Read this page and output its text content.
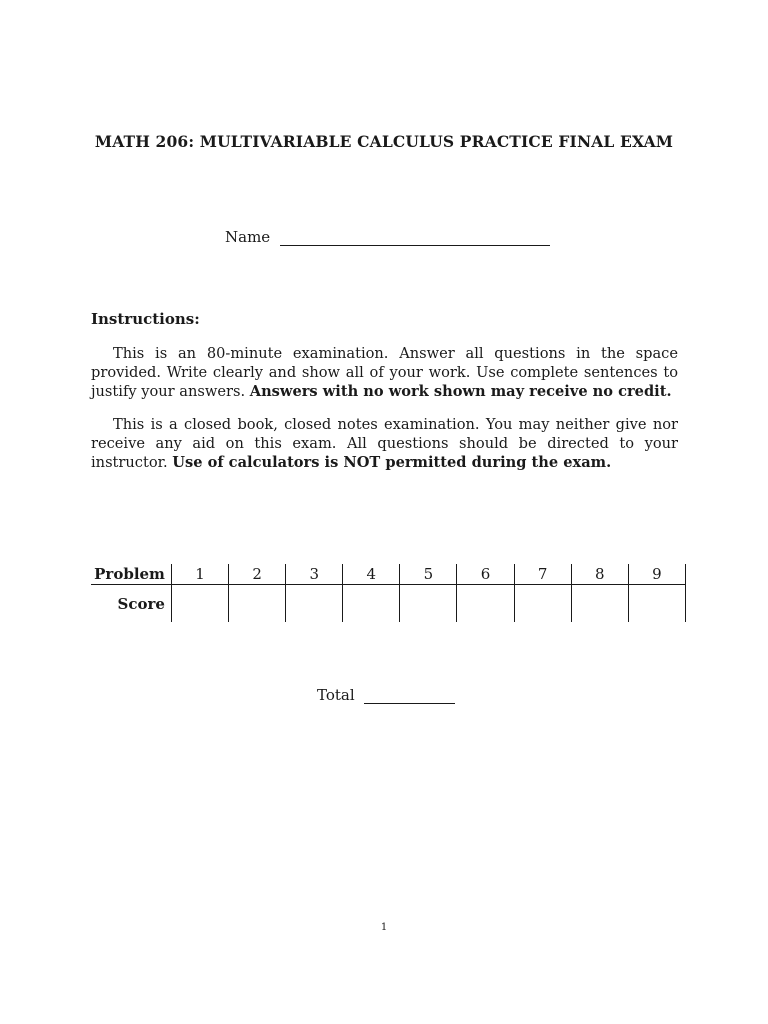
MATH 206: MULTIVARIABLE CALCULUS PRACTICE FINAL EXAM
Name
Instructions:

This is an 80-minute examination. Answer all questions in the space provided. Write clearly and show all of your work. Use complete sentences to justify your answers. Answers with no work shown may receive no credit.

This is a closed book, closed notes examination. You may neither give nor receive any aid on this exam. All questions should be directed to your instructor. Use of calculators is NOT permitted during the exam.

Problem	1	2	3	4	5	6	7	8	9
Score									
Total
1
